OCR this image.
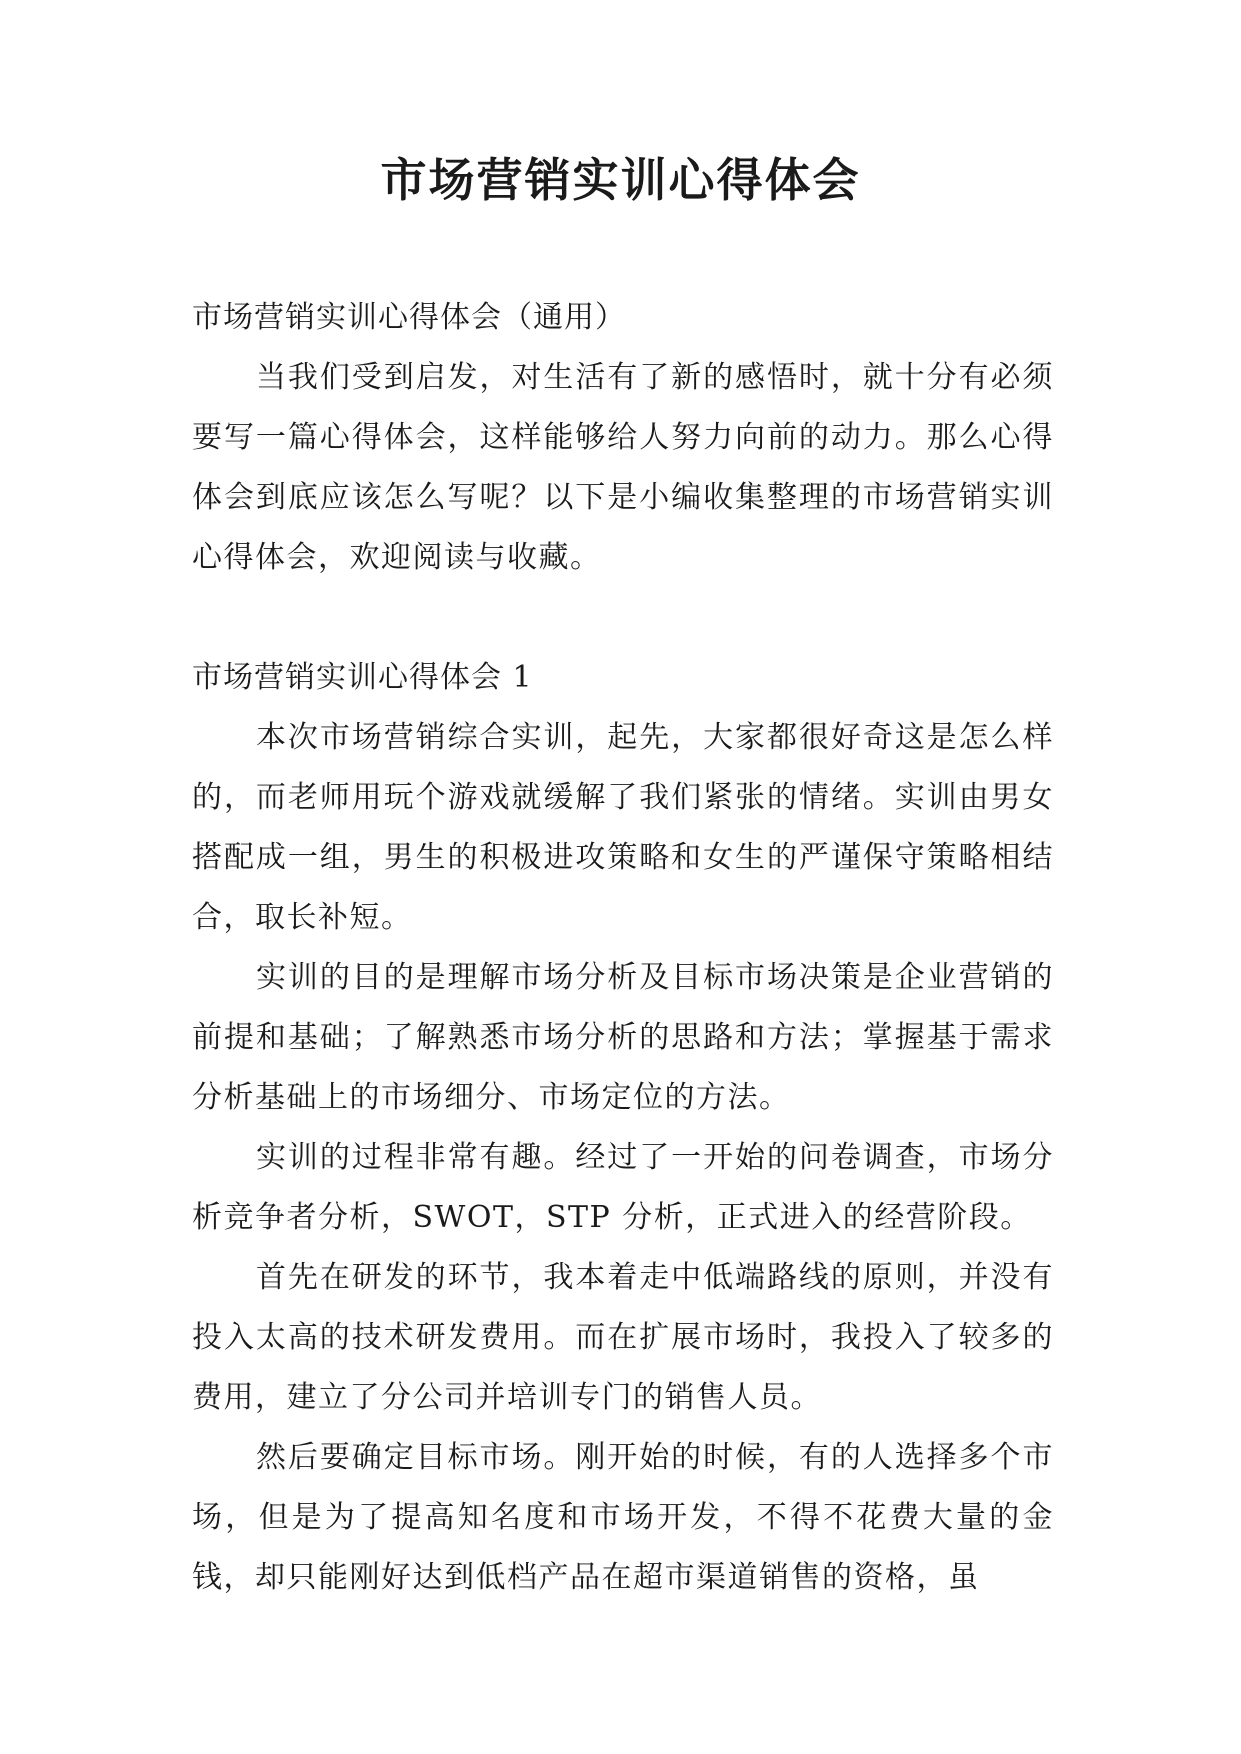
市场营销实训心得体会

市场营销实训心得体会（通用）

当我们受到启发，对生活有了新的感悟时，就十分有必须要写一篇心得体会，这样能够给人努力向前的动力。那么心得体会到底应该怎么写呢？以下是小编收集整理的市场营销实训心得体会，欢迎阅读与收藏。

市场营销实训心得体会 1

本次市场营销综合实训，起先，大家都很好奇这是怎么样的，而老师用玩个游戏就缓解了我们紧张的情绪。实训由男女搭配成一组，男生的积极进攻策略和女生的严谨保守策略相结合，取长补短。

实训的目的是理解市场分析及目标市场决策是企业营销的前提和基础；了解熟悉市场分析的思路和方法；掌握基于需求分析基础上的市场细分、市场定位的方法。

实训的过程非常有趣。经过了一开始的问卷调查，市场分析竞争者分析，SWOT，STP 分析，正式进入的经营阶段。

首先在研发的环节，我本着走中低端路线的原则，并没有投入太高的技术研发费用。而在扩展市场时，我投入了较多的费用，建立了分公司并培训专门的销售人员。

然后要确定目标市场。刚开始的时候，有的人选择多个市场，但是为了提高知名度和市场开发，不得不花费大量的金钱，却只能刚好达到低档产品在超市渠道销售的资格，虽
